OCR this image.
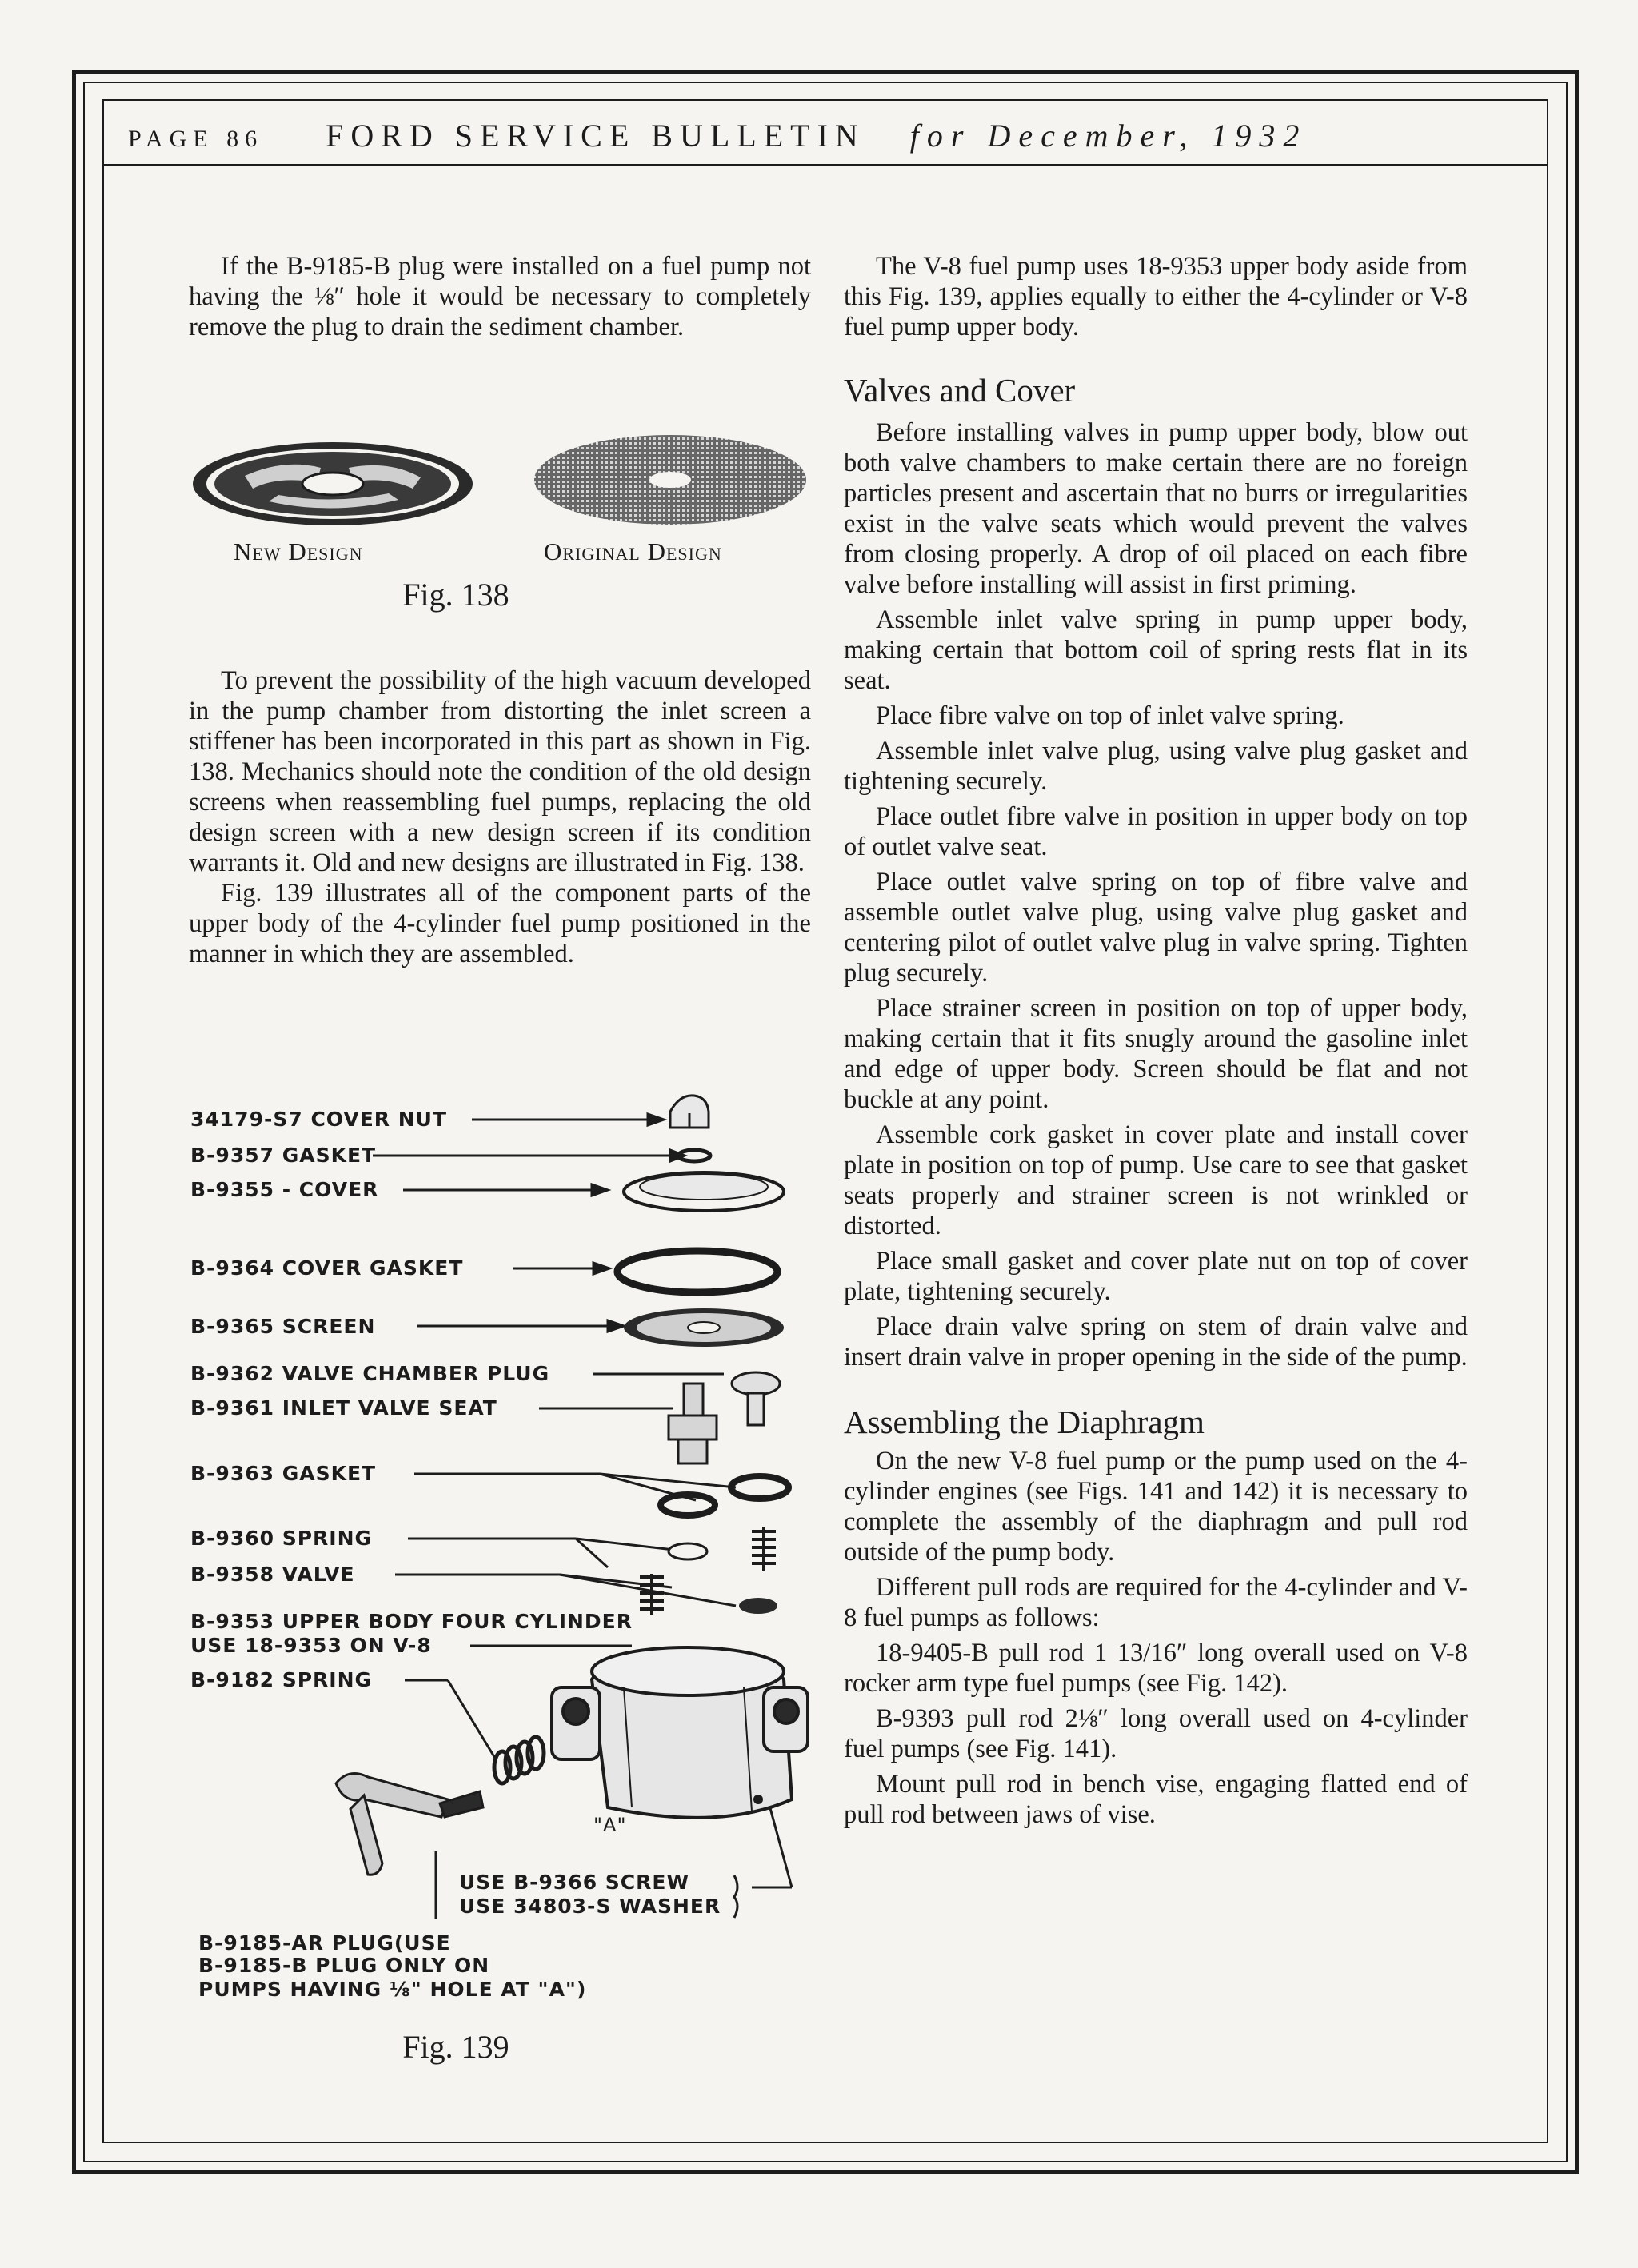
PAGE 86 FORD SERVICE BULLETIN for December, 1932

If the B-9185-B plug were installed on a fuel pump not having the ⅛″ hole it would be necessary to completely remove the plug to drain the sediment chamber.

New Design	Original Design
Fig. 138

To prevent the possibility of the high vacuum developed in the pump chamber from distorting the inlet screen a stiffener has been incorporated in this part as shown in Fig. 138. Mechanics should note the condition of the old design screens when reassembling fuel pumps, replacing the old design screen with a new design screen if its condition warrants it. Old and new designs are illustrated in Fig. 138.

Fig. 139 illustrates all of the component parts of the upper body of the 4-cylinder fuel pump positioned in the manner in which they are assembled.

34179-S7 COVER NUT
B-9357 GASKET
B-9355 - COVER
B-9364 COVER GASKET
B-9365 SCREEN
B-9362 VALVE CHAMBER PLUG
B-9361 INLET VALVE SEAT
B-9363 GASKET
B-9360 SPRING
B-9358 VALVE
B-9353 UPPER BODY FOUR CYLINDER
USE 18-9353 ON V-8
B-9182 SPRING
"A"
USE B-9366 SCREW
USE 34803-S WASHER
B-9185-AR PLUG(USE
B-9185-B PLUG ONLY ON
PUMPS HAVING ⅛" HOLE AT "A")
Fig. 139

The V-8 fuel pump uses 18-9353 upper body aside from this Fig. 139, applies equally to either the 4-cylinder or V-8 fuel pump upper body.

Valves and Cover

Before installing valves in pump upper body, blow out both valve chambers to make certain there are no foreign particles present and ascertain that no burrs or irregularities exist in the valve seats which would prevent the valves from closing properly. A drop of oil placed on each fibre valve before installing will assist in first priming.

Assemble inlet valve spring in pump upper body, making certain that bottom coil of spring rests flat in its seat.

Place fibre valve on top of inlet valve spring.

Assemble inlet valve plug, using valve plug gasket and tightening securely.

Place outlet fibre valve in position in upper body on top of outlet valve seat.

Place outlet valve spring on top of fibre valve and assemble outlet valve plug, using valve plug gasket and centering pilot of outlet valve plug in valve spring. Tighten plug securely.

Place strainer screen in position on top of upper body, making certain that it fits snugly around the gasoline inlet and edge of upper body. Screen should be flat and not buckle at any point.

Assemble cork gasket in cover plate and install cover plate in position on top of pump. Use care to see that gasket seats properly and strainer screen is not wrinkled or distorted.

Place small gasket and cover plate nut on top of cover plate, tightening securely.

Place drain valve spring on stem of drain valve and insert drain valve in proper opening in the side of the pump.

Assembling the Diaphragm

On the new V-8 fuel pump or the pump used on the 4-cylinder engines (see Figs. 141 and 142) it is necessary to complete the assembly of the diaphragm and pull rod outside of the pump body.

Different pull rods are required for the 4-cylinder and V-8 fuel pumps as follows:

18-9405-B pull rod 1 13/16″ long overall used on V-8 rocker arm type fuel pumps (see Fig. 142).

B-9393 pull rod 2⅛″ long overall used on 4-cylinder fuel pumps (see Fig. 141).

Mount pull rod in bench vise, engaging flatted end of pull rod between jaws of vise.
